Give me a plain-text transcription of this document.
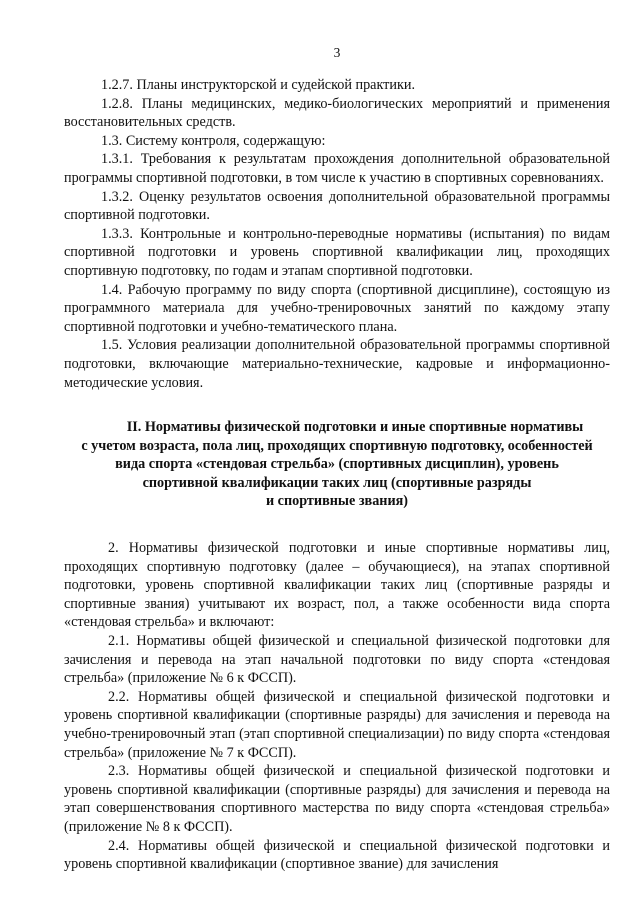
3

1.2.7. Планы инструкторской и судейской практики.

1.2.8. Планы медицинских, медико-биологических мероприятий и применения восстановительных средств.

1.3. Систему контроля, содержащую:

1.3.1. Требования к результатам прохождения дополнительной образовательной программы спортивной подготовки, в том числе к участию в спортивных соревнованиях.

1.3.2. Оценку результатов освоения дополнительной образовательной программы спортивной подготовки.

1.3.3. Контрольные и контрольно-переводные нормативы (испытания) по видам спортивной подготовки и уровень спортивной квалификации лиц, проходящих спортивную подготовку, по годам и этапам спортивной подготовки.

1.4. Рабочую программу по виду спорта (спортивной дисциплине), состоящую из программного материала для учебно-тренировочных занятий по каждому этапу спортивной подготовки и учебно-тематического плана.

1.5. Условия реализации дополнительной образовательной программы спортивной подготовки, включающие материально-технические, кадровые и информационно-методические условия.

II. Нормативы физической подготовки и иные спортивные нормативы
с учетом возраста, пола лиц, проходящих спортивную подготовку, особенностей
вида спорта «стендовая стрельба» (спортивных дисциплин), уровень
спортивной квалификации таких лиц (спортивные разряды
и спортивные звания)

2. Нормативы физической подготовки и иные спортивные нормативы лиц, проходящих спортивную подготовку (далее – обучающиеся), на этапах спортивной подготовки, уровень спортивной квалификации таких лиц (спортивные разряды и спортивные звания) учитывают их возраст, пол, а также особенности вида спорта «стендовая стрельба» и включают:

2.1. Нормативы общей физической и специальной физической подготовки для зачисления и перевода на этап начальной подготовки по виду спорта «стендовая стрельба» (приложение № 6 к ФССП).

2.2. Нормативы общей физической и специальной физической подготовки и уровень спортивной квалификации (спортивные разряды) для зачисления и перевода на учебно-тренировочный этап (этап спортивной специализации) по виду спорта «стендовая стрельба» (приложение № 7 к ФССП).

2.3. Нормативы общей физической и специальной физической подготовки и уровень спортивной квалификации (спортивные разряды) для зачисления и перевода на этап совершенствования спортивного мастерства по виду спорта «стендовая стрельба» (приложение № 8 к ФССП).

2.4. Нормативы общей физической и специальной физической подготовки и уровень спортивной квалификации (спортивное звание) для зачисления
